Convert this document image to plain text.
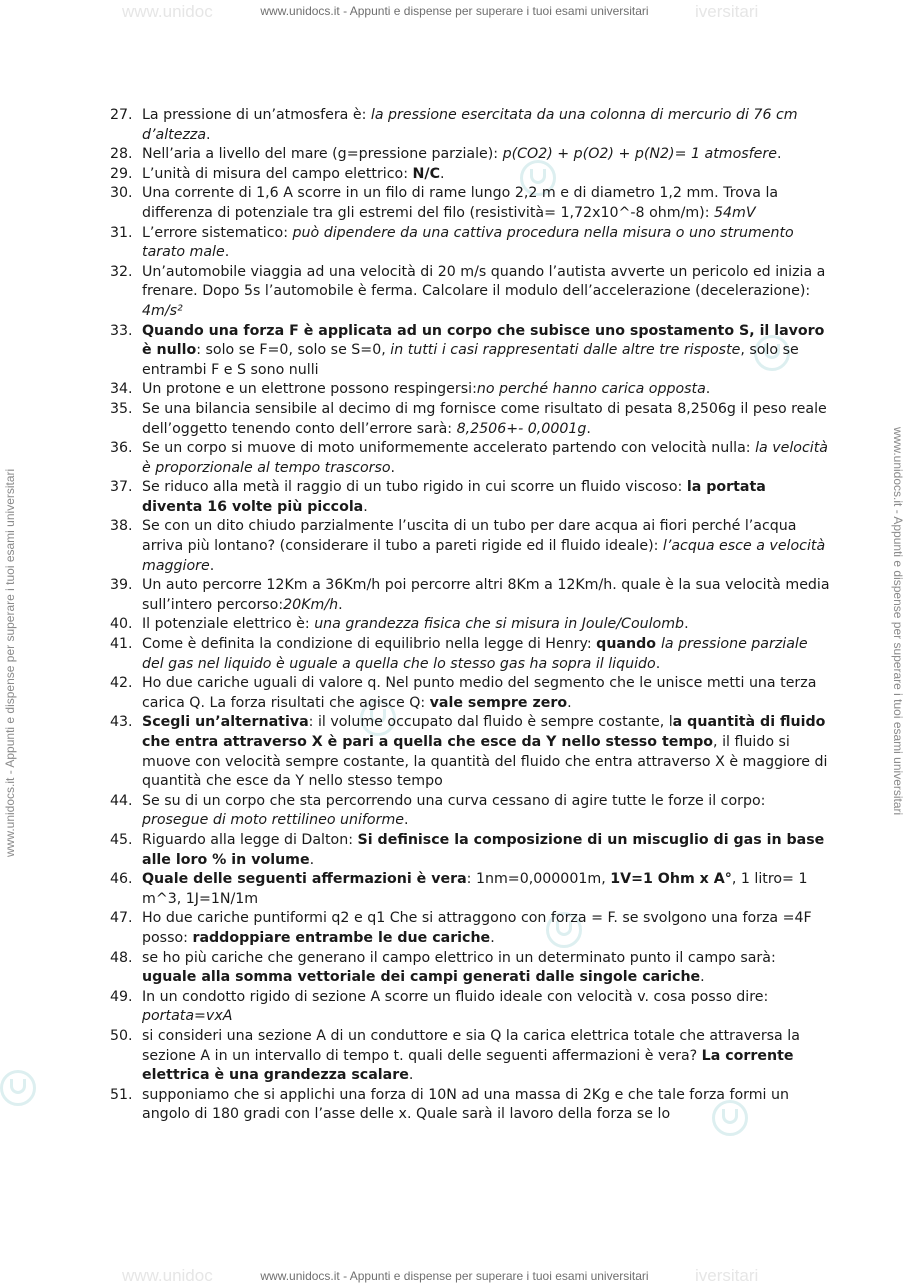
www.unidoc	iversitari
www.unidocs.it - Appunti e dispense per superare i tuoi esami universitari
www.unidocs.it - Appunti e dispense per superare i tuoi esami universitari	www.unidocs.it - Appunti e dispense per superare i tuoi esami universitari
27. La pressione di un’atmosfera è: la pressione esercitata da una colonna di mercurio di 76 cm d’altezza.
28. Nell’aria a livello del mare (g=pressione parziale): p(CO2) + p(O2) + p(N2)= 1 atmosfere.
29. L’unità di misura del campo elettrico: N/C.
30. Una corrente di 1,6 A scorre in un filo di rame lungo 2,2 m e di diametro 1,2 mm. Trova la differenza di potenziale tra gli estremi del filo (resistività= 1,72x10^-8 ohm/m): 54mV
31. L’errore sistematico: può dipendere da una cattiva procedura nella misura o uno strumento tarato male.
32. Un’automobile viaggia ad una velocità di 20 m/s quando l’autista avverte un pericolo ed inizia a frenare. Dopo 5s l’automobile è ferma. Calcolare il modulo dell’accelerazione (decelerazione): 4m/s²
33. Quando una forza F è applicata ad un corpo che subisce uno spostamento S, il lavoro è nullo: solo se F=0, solo se S=0, in tutti i casi rappresentati dalle altre tre risposte, solo se entrambi F e S sono nulli
34. Un protone e un elettrone possono respingersi:no perché hanno carica opposta.
35. Se una bilancia sensibile al decimo di mg fornisce come risultato di pesata 8,2506g il peso reale dell’oggetto tenendo conto dell’errore sarà: 8,2506+- 0,0001g.
36. Se un corpo si muove di moto uniformemente accelerato partendo con velocità nulla: la velocità è proporzionale al tempo trascorso.
37. Se riduco alla metà il raggio di un tubo rigido in cui scorre un fluido viscoso: la portata diventa 16 volte più piccola.
38. Se con un dito chiudo parzialmente l’uscita di un tubo per dare acqua ai fiori perché l’acqua arriva più lontano? (considerare il tubo a pareti rigide ed il fluido ideale): l’acqua esce a velocità maggiore.
39. Un auto percorre 12Km a 36Km/h poi percorre altri 8Km a 12Km/h. quale è la sua velocità media sull’intero percorso:20Km/h.
40. Il potenziale elettrico è: una grandezza fisica che si misura in Joule/Coulomb.
41. Come è definita la condizione di equilibrio nella legge di Henry: quando la pressione parziale del gas nel liquido è uguale a quella che lo stesso gas ha sopra il liquido.
42. Ho due cariche uguali di valore q. Nel punto medio del segmento che le unisce metti una terza carica Q. La forza risultati che agisce Q: vale sempre zero.
43. Scegli un’alternativa: il volume occupato dal fluido è sempre costante, la quantità di fluido che entra attraverso X è pari a quella che esce da Y nello stesso tempo, il fluido si muove con velocità sempre costante, la quantità del fluido che entra attraverso X è maggiore di quantità che esce da Y nello stesso tempo
44. Se su di un corpo che sta percorrendo una curva cessano di agire tutte le forze il corpo: prosegue di moto rettilineo uniforme.
45. Riguardo alla legge di Dalton: Si definisce la composizione di un miscuglio di gas in base alle loro % in volume.
46. Quale delle seguenti affermazioni è vera: 1nm=0,000001m, 1V=1 Ohm x A°, 1 litro= 1 m^3, 1J=1N/1m
47. Ho due cariche puntiformi q2 e q1 Che si attraggono con forza = F. se svolgono una forza =4F posso: raddoppiare entrambe le due cariche.
48. se ho più cariche che generano il campo elettrico in un determinato punto il campo sarà: uguale alla somma vettoriale dei campi generati dalle singole cariche.
49. In un condotto rigido di sezione A scorre un fluido ideale con velocità v. cosa posso dire: portata=vxA
50. si consideri una sezione A di un conduttore e sia Q la carica elettrica totale che attraversa la sezione A in un intervallo di tempo t. quali delle seguenti affermazioni è vera? La corrente elettrica è una grandezza scalare.
51. supponiamo che si applichi una forza di 10N ad una massa di 2Kg e che tale forza formi un angolo di 180 gradi con l’asse delle x. Quale sarà il lavoro della forza se lo
www.unidoc	iversitari
www.unidocs.it - Appunti e dispense per superare i tuoi esami universitari
